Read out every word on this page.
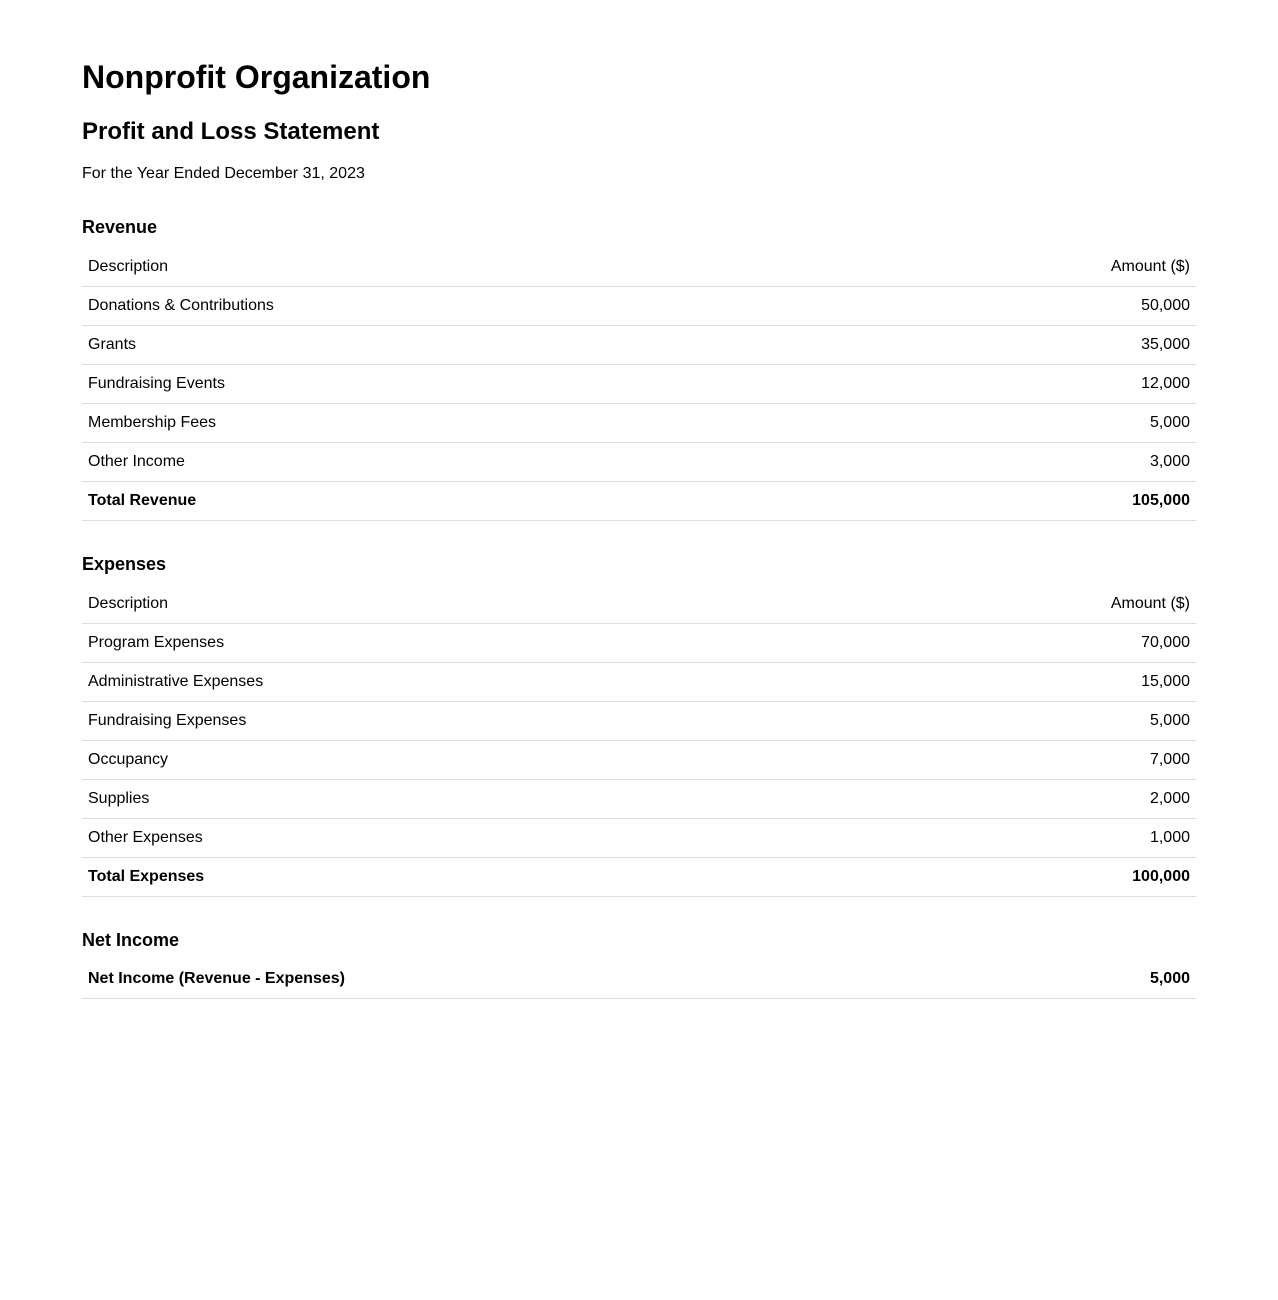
Nonprofit Organization
Profit and Loss Statement
For the Year Ended December 31, 2023
Revenue
Description	Amount ($)
Donations & Contributions	50,000
Grants	35,000
Fundraising Events	12,000
Membership Fees	5,000
Other Income	3,000
Total Revenue	105,000
Expenses
Description	Amount ($)
Program Expenses	70,000
Administrative Expenses	15,000
Fundraising Expenses	5,000
Occupancy	7,000
Supplies	2,000
Other Expenses	1,000
Total Expenses	100,000
Net Income
Net Income (Revenue - Expenses)	5,000
